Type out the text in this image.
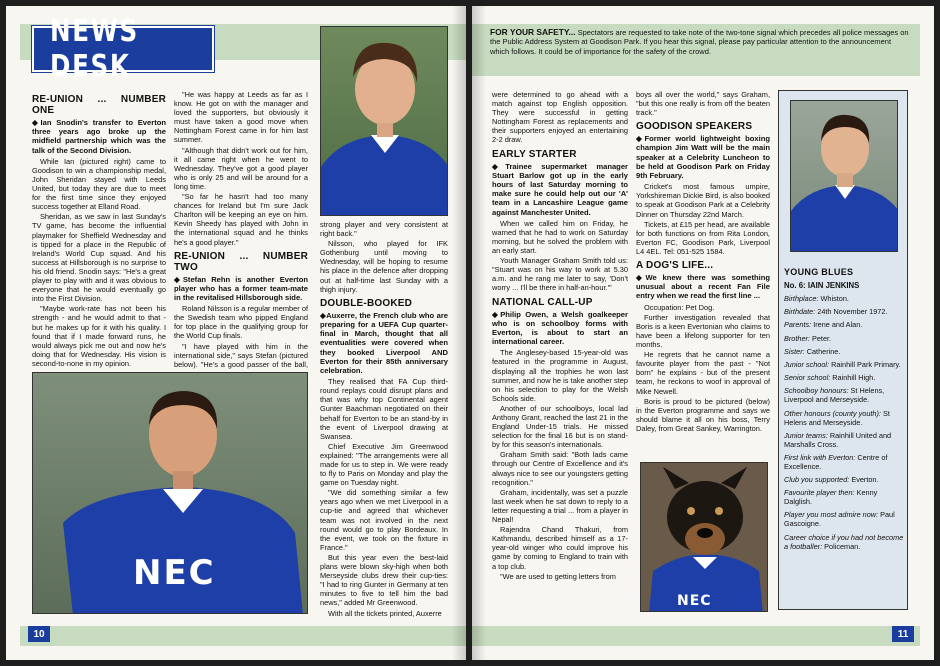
NEWS DESK
RE-UNION ... NUMBER ONE
◆ Ian Snodin's transfer to Everton three years ago broke up the midfield partnership which was the talk of the Second Division.

While Ian (pictured right) came to Goodison to win a championship medal, John Sheridan stayed with Leeds United, but today they are due to meet for the first time since they enjoyed success together at Elland Road.

Sheridan, as we saw in last Sunday's TV game, has become the influential playmaker for Sheffield Wednesday and is tipped for a place in the Republic of Ireland's World Cup squad. And his success at Hillsborough is no surprise to his old friend. Snodin says: "He's a great player to play with and it was obvious to everyone that he would eventually go into the First Division.

"Maybe work-rate has not been his strength - and he would admit to that - but he makes up for it with his quality. I found that if I made forward runs, he would always pick me out and now he's doing that for Wednesday. His vision is second-to-none in my opinion.

"He was happy at Leeds as far as I know. He got on with the manager and loved the supporters, but obviously it must have taken a good move when Nottingham Forest came in for him last summer.

"Although that didn't work out for him, it all came right when he went to Wednesday. They've got a good player who is only 25 and will be around for a long time.

"So far he hasn't had too many chances for Ireland but I'm sure Jack Charlton will be keeping an eye on him. Kevin Sheedy has played with John in the international squad and he thinks he's a good player."

RE-UNION ... NUMBER TWO
◆ Stefan Rehn is another Everton player who has a former team-mate in the revitalised Hillsborough side.

Roland Nilsson is a regular member of the Swedish team who pipped England for top place in the qualifying group for the World Cup finals.

"I have played with him in the international side," says Stefan (pictured below). "He's a good passer of the ball,

strong player and very consistent at right back."

Nilsson, who played for IFK Gothenburg until moving to Wednesday, will be hoping to resume his place in the defence after dropping out at half-time last Sunday with a thigh injury.

DOUBLE-BOOKED
◆ Auxerre, the French club who are preparing for a UEFA Cup quarter-final in March, thought that all eventualities were covered when they booked Liverpool AND Everton for their 85th anniversary celebration.

They realised that FA Cup third-round replays could disrupt plans and that was why top Continental agent Gunter Baachman negotiated on their behalf for Everton to be an stand-by in the event of Liverpool drawing at Swansea.

Chief Executive Jim Greenwood explained: "The arrangements were all made for us to step in. We were ready to fly to Paris on Monday and play the game on Tuesday night.

"We did something similar a few years ago when we met Liverpool in a cup-tie and agreed that whichever team was not involved in the next round would go to play Bordeaux. In the event, we took on the fixture in France."

But this year even the best-laid plans were blown sky-high when both Merseyside clubs drew their cup-ties: "I had to ring Gunter in Germany at ten minutes to five to tell him the bad news," added Mr Greenwood.

With all the tickets printed, Auxerre

NEC
10
FOR YOUR SAFETY... Spectators are requested to take note of the two-tone signal which precedes all police messages on the Public Address System at Goodison Park. If you hear this signal, please pay particular attention to the announcement which follows. It could be of importance for the safety of the crowd.

were determined to go ahead with a match against top English opposition. They were successful in getting Nottingham Forest as replacements and their supporters enjoyed an entertaining 2-2 draw.

EARLY STARTER
◆ Trainee supermarket manager Stuart Barlow got up in the early hours of last Saturday morning to make sure he could help out our 'A' team in a Lancashire League game against Manchester United.

When we called him on Friday, he warned that he had to work on Saturday morning, but he solved the problem with an early start.

Youth Manager Graham Smith told us: "Stuart was on his way to work at 5.30 a.m. and he rang me later to say, 'Don't worry ... I'll be there in half-an-hour.'"

NATIONAL CALL-UP
◆ Philip Owen, a Welsh goalkeeper who is on schoolboy forms with Everton, is about to start an international career.

The Anglesey-based 15-year-old was featured in the programme in August, displaying all the trophies he won last summer, and now he is take another step on his selection to play for the Welsh Schools side.

Another of our schoolboys, local lad Anthony Grant, reached the last 21 in the England Under-15 trials. He missed selection for the final 16 but is on stand-by for this season's internationals.

Graham Smith said: "Both lads came through our Centre of Excellence and it's always nice to see our youngsters getting recognition."

Graham, incidentally, was set a puzzle last week when he sat down to reply to a letter requesting a trial ... from a player in Nepal!

Rajendra Chand Thakuri, from Kathmandu, described himself as a 17-year-old winger who could improve his game by coming to England to train with a top club.

"We are used to getting letters from

boys all over the world," says Graham, "but this one really is from off the beaten track."

GOODISON SPEAKERS
◆ Former world lightweight boxing champion Jim Watt will be the main speaker at a Celebrity Luncheon to be held at Goodison Park on Friday 9th February.

Cricket's most famous umpire, Yorkshireman Dickie Bird, is also booked to speak at Goodison Park at a Celebrity Dinner on Thursday 22nd March.

Tickets, at £15 per head, are available for both functions on from Rita London, Everton FC, Goodison Park, Liverpool L4 4EL. Tel: 051-525 1584.

A DOG'S LIFE...
◆ We knew there was something unusual about a recent Fan File entry when we read the first line ...

Occupation: Pet Dog.

Further investigation revealed that Boris is a keen Evertonian who claims to have been a lifelong supporter for ten months.

He regrets that he cannot name a favourite player from the past - "Not born" he explains - but of the present team, he reckons to woof in approval of Mike Newell.

Boris is proud to be pictured (below) in the Everton programme and says we should blame it all on his boss, Terry Daley, from Great Sankey, Warrington.

NEC
YOUNG BLUES
No. 6: IAIN JENKINS
Birthplace: Whiston.
Birthdate: 24th November 1972.
Parents: Irene and Alan.
Brother: Peter.
Sister: Catherine.
Junior school: Rainhill Park Primary.
Senior school: Rainhill High.
Schoolboy honours: St Helens, Liverpool and Merseyside.
Other honours (county youth): St Helens and Merseyside.
Junior teams: Rainhill United and Marshalls Cross.
First link with Everton: Centre of Excellence.
Club you supported: Everton.
Favourite player then: Kenny Dalglish.
Player you most admire now: Paul Gascoigne.
Career choice if you had not become a footballer: Policeman.
11
